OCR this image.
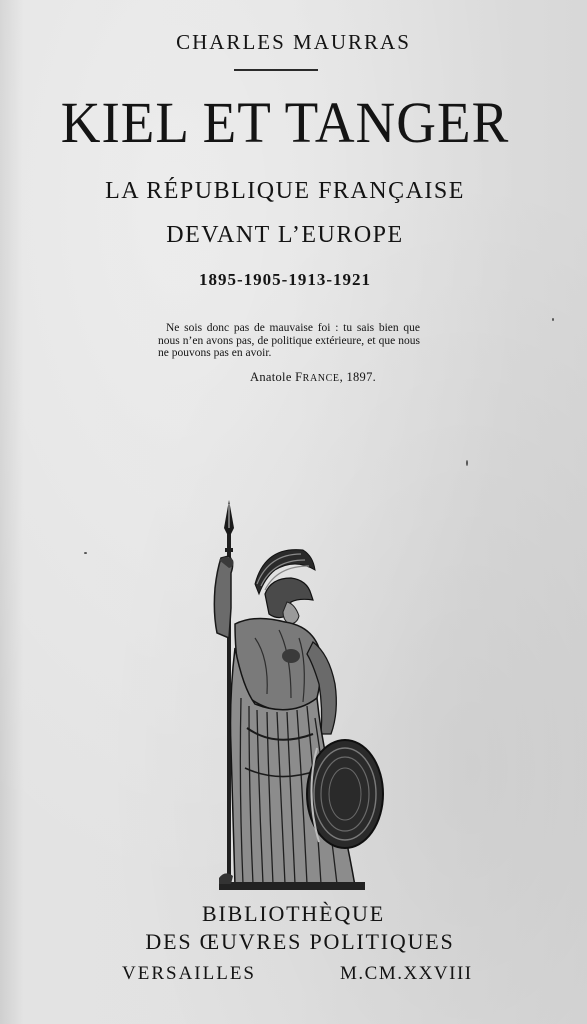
CHARLES MAURRAS
KIEL ET TANGER
LA RÉPUBLIQUE FRANÇAISE
DEVANT L’EUROPE
1895-1905-1913-1921
Ne sois donc pas de mauvaise foi : tu sais bien que nous n’en avons pas, de politique extérieure, et que nous ne pouvons pas en avoir.
Anatole FRANCE, 1897.
BIBLIOTHÈQUE
DES ŒUVRES POLITIQUES
VERSAILLES	M.CM.XXVIII
